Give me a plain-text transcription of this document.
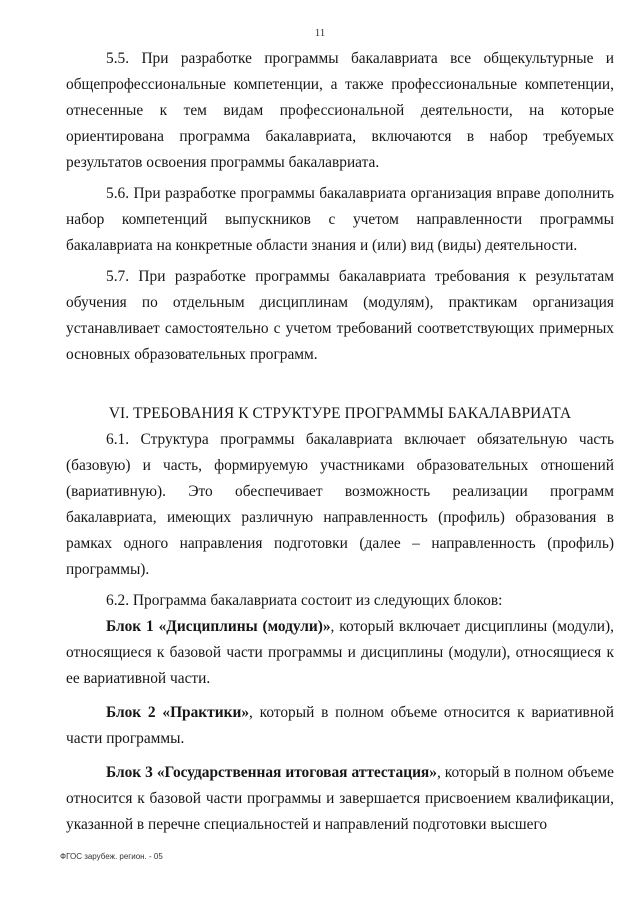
11

5.5. При разработке программы бакалавриата все общекультурные и общепрофессиональные компетенции, а также профессиональные компетенции, отнесенные к тем видам профессиональной деятельности, на которые ориентирована программа бакалавриата, включаются в набор требуемых результатов освоения программы бакалавриата.

5.6. При разработке программы бакалавриата организация вправе дополнить набор компетенций выпускников с учетом направленности программы бакалавриата на конкретные области знания и (или) вид (виды) деятельности.

5.7. При разработке программы бакалавриата требования к результатам обучения по отдельным дисциплинам (модулям), практикам организация устанавливает самостоятельно с учетом требований соответствующих примерных основных образовательных программ.

VI. ТРЕБОВАНИЯ К СТРУКТУРЕ ПРОГРАММЫ БАКАЛАВРИАТА

6.1. Структура программы бакалавриата включает обязательную часть (базовую) и часть, формируемую участниками образовательных отношений (вариативную). Это обеспечивает возможность реализации программ бакалавриата, имеющих различную направленность (профиль) образования в рамках одного направления подготовки (далее – направленность (профиль) программы).

6.2. Программа бакалавриата состоит из следующих блоков:

Блок 1 «Дисциплины (модули)», который включает дисциплины (модули), относящиеся к базовой части программы и дисциплины (модули), относящиеся к ее вариативной части.

Блок 2 «Практики», который в полном объеме относится к вариативной части программы.

Блок 3 «Государственная итоговая аттестация», который в полном объеме относится к базовой части программы и завершается присвоением квалификации, указанной в перечне специальностей и направлений подготовки высшего

ФГОС зарубеж. регион. - 05
